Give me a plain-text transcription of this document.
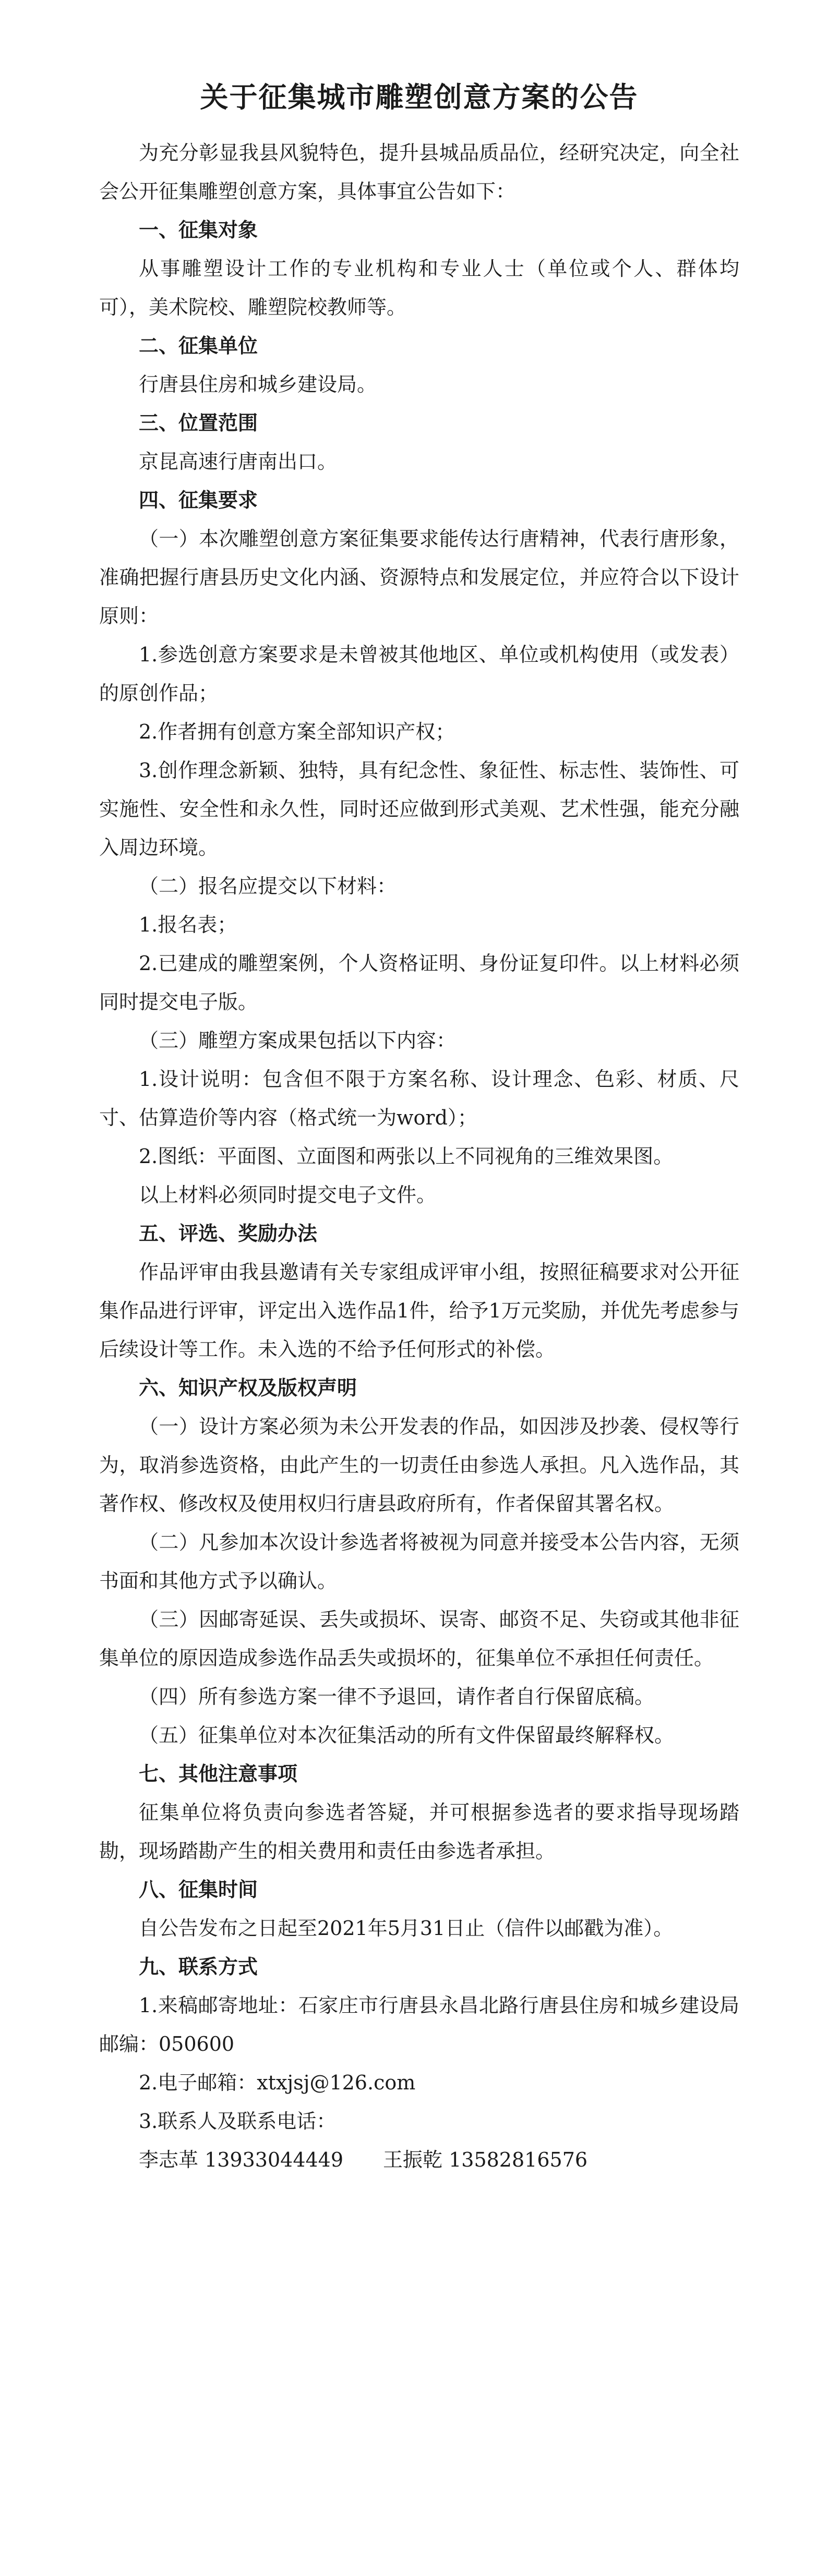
关于征集城市雕塑创意方案的公告

为充分彰显我县风貌特色，提升县城品质品位，经研究决定，向全社会公开征集雕塑创意方案，具体事宜公告如下：

一、征集对象

从事雕塑设计工作的专业机构和专业人士（单位或个人、群体均可），美术院校、雕塑院校教师等。

二、征集单位

行唐县住房和城乡建设局。

三、位置范围

京昆高速行唐南出口。

四、征集要求

（一）本次雕塑创意方案征集要求能传达行唐精神，代表行唐形象，准确把握行唐县历史文化内涵、资源特点和发展定位，并应符合以下设计原则：

1.参选创意方案要求是未曾被其他地区、单位或机构使用（或发表）的原创作品；

2.作者拥有创意方案全部知识产权；

3.创作理念新颖、独特，具有纪念性、象征性、标志性、装饰性、可实施性、安全性和永久性，同时还应做到形式美观、艺术性强，能充分融入周边环境。

（二）报名应提交以下材料：

1.报名表；

2.已建成的雕塑案例，个人资格证明、身份证复印件。以上材料必须同时提交电子版。

（三）雕塑方案成果包括以下内容：

1.设计说明：包含但不限于方案名称、设计理念、色彩、材质、尺寸、估算造价等内容（格式统一为word）；

2.图纸：平面图、立面图和两张以上不同视角的三维效果图。

以上材料必须同时提交电子文件。

五、评选、奖励办法

作品评审由我县邀请有关专家组成评审小组，按照征稿要求对公开征集作品进行评审，评定出入选作品1件，给予1万元奖励，并优先考虑参与后续设计等工作。未入选的不给予任何形式的补偿。

六、知识产权及版权声明

（一）设计方案必须为未公开发表的作品，如因涉及抄袭、侵权等行为，取消参选资格，由此产生的一切责任由参选人承担。凡入选作品，其著作权、修改权及使用权归行唐县政府所有，作者保留其署名权。

（二）凡参加本次设计参选者将被视为同意并接受本公告内容，无须书面和其他方式予以确认。

（三）因邮寄延误、丢失或损坏、误寄、邮资不足、失窃或其他非征集单位的原因造成参选作品丢失或损坏的，征集单位不承担任何责任。

（四）所有参选方案一律不予退回，请作者自行保留底稿。

（五）征集单位对本次征集活动的所有文件保留最终解释权。

七、其他注意事项

征集单位将负责向参选者答疑，并可根据参选者的要求指导现场踏勘，现场踏勘产生的相关费用和责任由参选者承担。

八、征集时间

自公告发布之日起至2021年5月31日止（信件以邮戳为准）。

九、联系方式

1.来稿邮寄地址：石家庄市行唐县永昌北路行唐县住房和城乡建设局　邮编：050600

2.电子邮箱：xtxjsj@126.com

3.联系人及联系电话：

李志革 13933044449　　王振乾 13582816576
